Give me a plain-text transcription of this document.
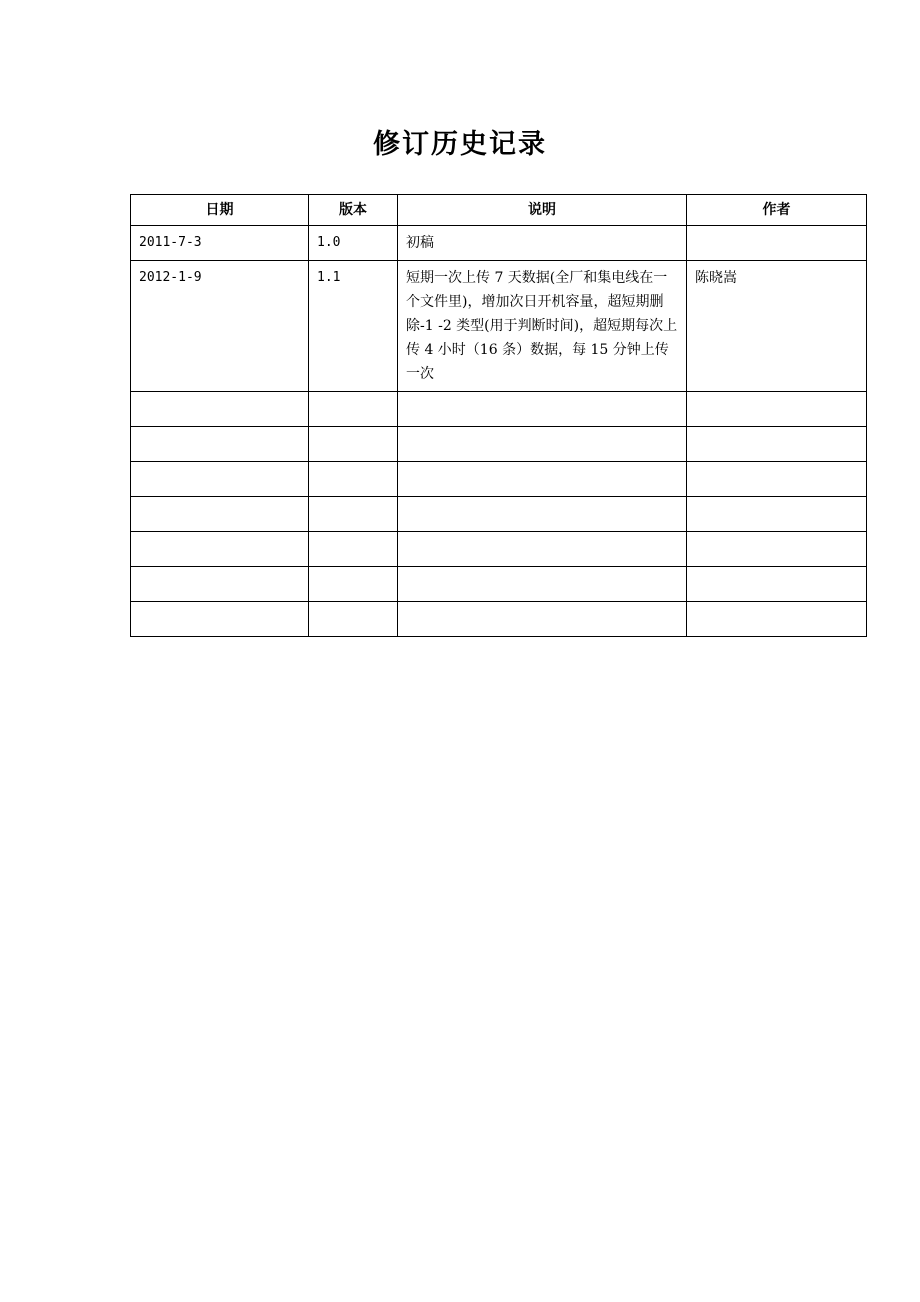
修订历史记录
日期	版本	说明	作者
2011-7-3	1.0	初稿	
2012-1-9	1.1	短期一次上传 7 天数据(全厂和集电线在一个文件里)，增加次日开机容量，超短期删除-1 -2 类型(用于判断时间)，超短期每次上传 4 小时（16 条）数据，每 15 分钟上传一次	陈晓嵩
